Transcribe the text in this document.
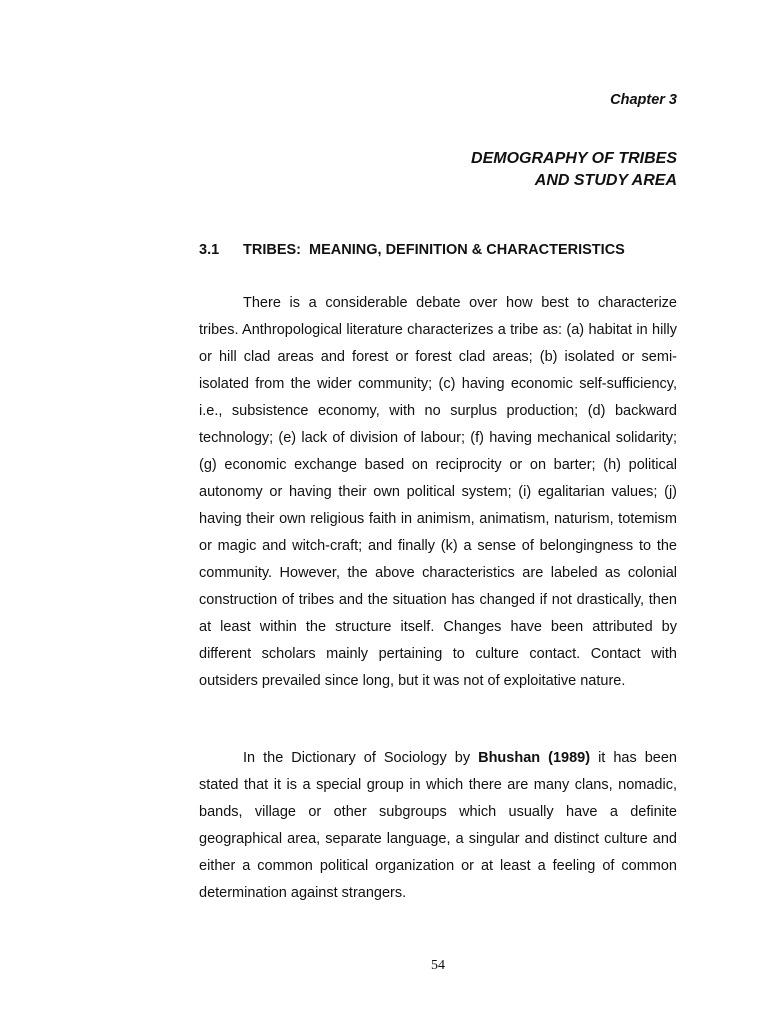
Chapter 3
DEMOGRAPHY OF TRIBES
AND STUDY AREA
3.1 TRIBES:  MEANING, DEFINITION & CHARACTERISTICS

There is a considerable debate over how best to characterize tribes. Anthropological literature characterizes a tribe as: (a) habitat in hilly or hill clad areas and forest or forest clad areas; (b) isolated or semi-isolated from the wider community; (c) having economic self-sufficiency, i.e., subsistence economy, with no surplus production; (d) backward technology; (e) lack of division of labour; (f) having mechanical solidarity; (g) economic exchange based on reciprocity or on barter; (h) political autonomy or having their own political system; (i) egalitarian values; (j) having their own religious faith in animism, animatism, naturism, totemism or magic and witch-craft; and finally (k) a sense of belongingness to the community. However, the above characteristics are labeled as colonial construction of tribes and the situation has changed if not drastically, then at least within the structure itself. Changes have been attributed by different scholars mainly pertaining to culture contact. Contact with outsiders prevailed since long, but it was not of exploitative nature.

In the Dictionary of Sociology by Bhushan (1989) it has been stated that it is a special group in which there are many clans, nomadic, bands, village or other subgroups which usually have a definite geographical area, separate language, a singular and distinct culture and either a common political organization or at least a feeling of common determination against strangers.

54
